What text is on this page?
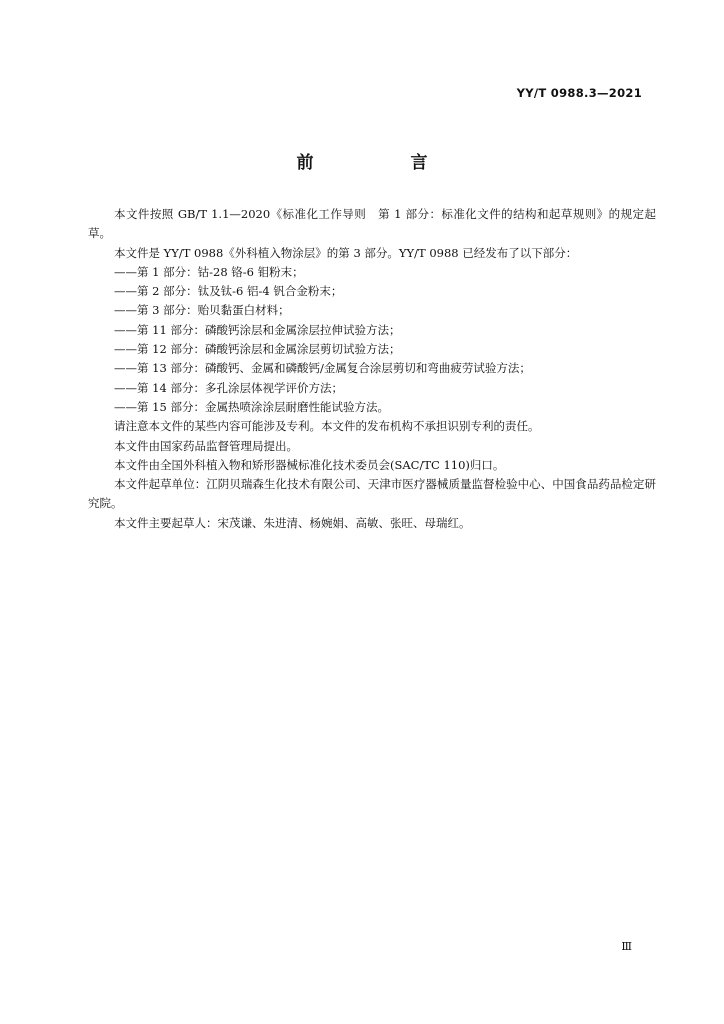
YY/T 0988.3—2021
前　言

本文件按照 GB/T 1.1—2020《标准化工作导则　第 1 部分：标准化文件的结构和起草规则》的规定起草。

本文件是 YY/T 0988《外科植入物涂层》的第 3 部分。YY/T 0988 已经发布了以下部分：

——第 1 部分：钴-28 铬-6 钼粉末；

——第 2 部分：钛及钛-6 铝-4 钒合金粉末；

——第 3 部分：贻贝黏蛋白材料；

——第 11 部分：磷酸钙涂层和金属涂层拉伸试验方法；

——第 12 部分：磷酸钙涂层和金属涂层剪切试验方法；

——第 13 部分：磷酸钙、金属和磷酸钙/金属复合涂层剪切和弯曲疲劳试验方法；

——第 14 部分：多孔涂层体视学评价方法；

——第 15 部分：金属热喷涂涂层耐磨性能试验方法。

请注意本文件的某些内容可能涉及专利。本文件的发布机构不承担识别专利的责任。

本文件由国家药品监督管理局提出。

本文件由全国外科植入物和矫形器械标准化技术委员会(SAC/TC 110)归口。

本文件起草单位：江阴贝瑞森生化技术有限公司、天津市医疗器械质量监督检验中心、中国食品药品检定研究院。

本文件主要起草人：宋茂谦、朱进清、杨婉娟、高敏、张旺、母瑞红。

Ⅲ
